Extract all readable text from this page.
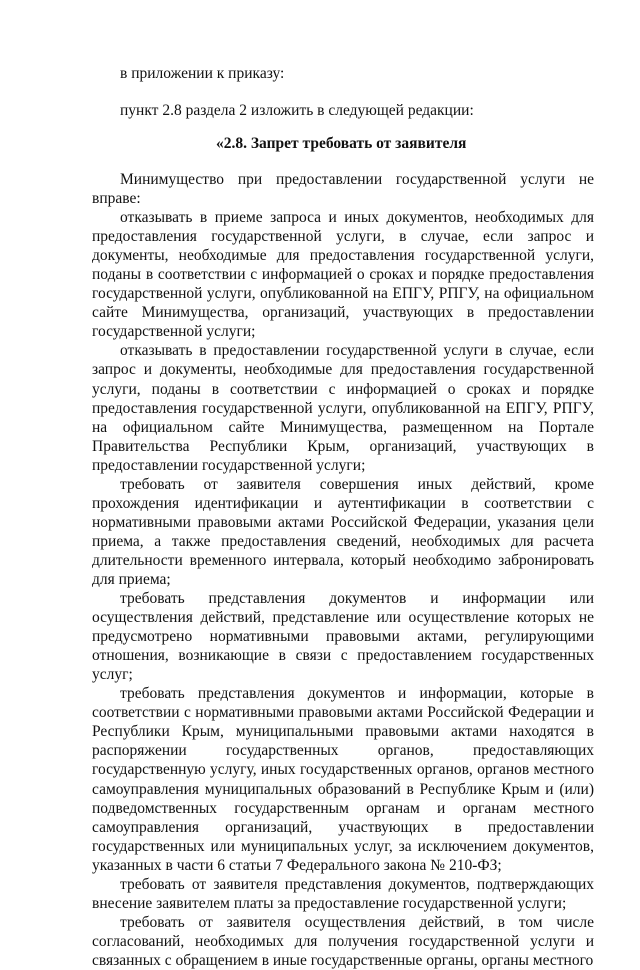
в приложении к приказу:
пункт 2.8 раздела 2 изложить в следующей редакции:
«2.8. Запрет требовать от заявителя

Минимущество при предоставлении государственной услуги не вправе:

отказывать в приеме запроса и иных документов, необходимых для предоставления государственной услуги, в случае, если запрос и документы, необходимые для предоставления государственной услуги, поданы в соответствии с информацией о сроках и порядке предоставления государственной услуги, опубликованной на ЕПГУ, РПГУ, на официальном сайте Минимущества, организаций, участвующих в предоставлении государственной услуги;

отказывать в предоставлении государственной услуги в случае, если запрос и документы, необходимые для предоставления государственной услуги, поданы в соответствии с информацией о сроках и порядке предоставления государственной услуги, опубликованной на ЕПГУ, РПГУ, на официальном сайте Минимущества, размещенном на Портале Правительства Республики Крым, организаций, участвующих в предоставлении государственной услуги;

требовать от заявителя совершения иных действий, кроме прохождения идентификации и аутентификации в соответствии с нормативными правовыми актами Российской Федерации, указания цели приема, а также предоставления сведений, необходимых для расчета длительности временного интервала, который необходимо забронировать для приема;

требовать представления документов и информации или осуществления действий, представление или осуществление которых не предусмотрено нормативными правовыми актами, регулирующими отношения, возникающие в связи с предоставлением государственных услуг;

требовать представления документов и информации, которые в соответствии с нормативными правовыми актами Российской Федерации и Республики Крым, муниципальными правовыми актами находятся в распоряжении государственных органов, предоставляющих государственную услугу, иных государственных органов, органов местного самоуправления муниципальных образований в Республике Крым и (или) подведомственных государственным органам и органам местного самоуправления организаций, участвующих в предоставлении государственных или муниципальных услуг, за исключением документов, указанных в части 6 статьи 7 Федерального закона № 210-ФЗ;

требовать от заявителя представления документов, подтверждающих внесение заявителем платы за предоставление государственной услуги;

требовать от заявителя осуществления действий, в том числе согласований, необходимых для получения государственной услуги и связанных с обращением в иные государственные органы, органы местного
